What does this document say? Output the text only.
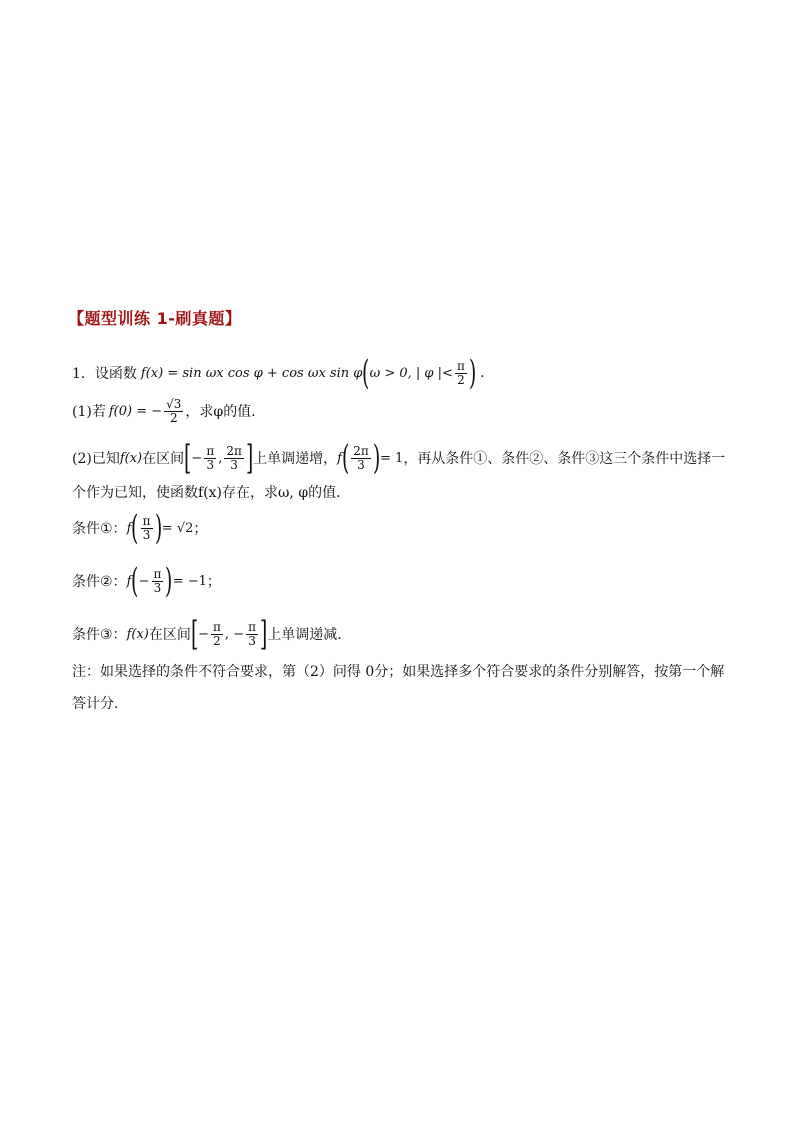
【题型训练 1-刷真题】
1．设函数 f(x) = sin ωx cos φ + cos ωx sin φ ( ω > 0, | φ |< $\frac{\pi}{2}$ ) .
(1)若 f(0) = − $\frac{√3}{2}$ ，求φ的值．
(2)已知 f(x) 在区间 [ − $\frac{\pi}{3}$ , $\frac{2\pi}{3}$ ] 上单调递增， f ( $\frac{2\pi}{3}$ ) = 1 ，再从条件①、条件②、条件③这三个条件中选择一
个作为已知，使函数f(x)存在，求ω, φ的值．
条件①： f ( $\frac{\pi}{3}$ ) = √2 ；
条件②： f ( − $\frac{\pi}{3}$ ) = −1 ；
条件③： f(x) 在区间 [ − $\frac{\pi}{2}$ , − $\frac{\pi}{3}$ ] 上单调递减．
注：如果选择的条件不符合要求，第（2）问得 0分；如果选择多个符合要求的条件分别解答，按第一个解
答计分．
